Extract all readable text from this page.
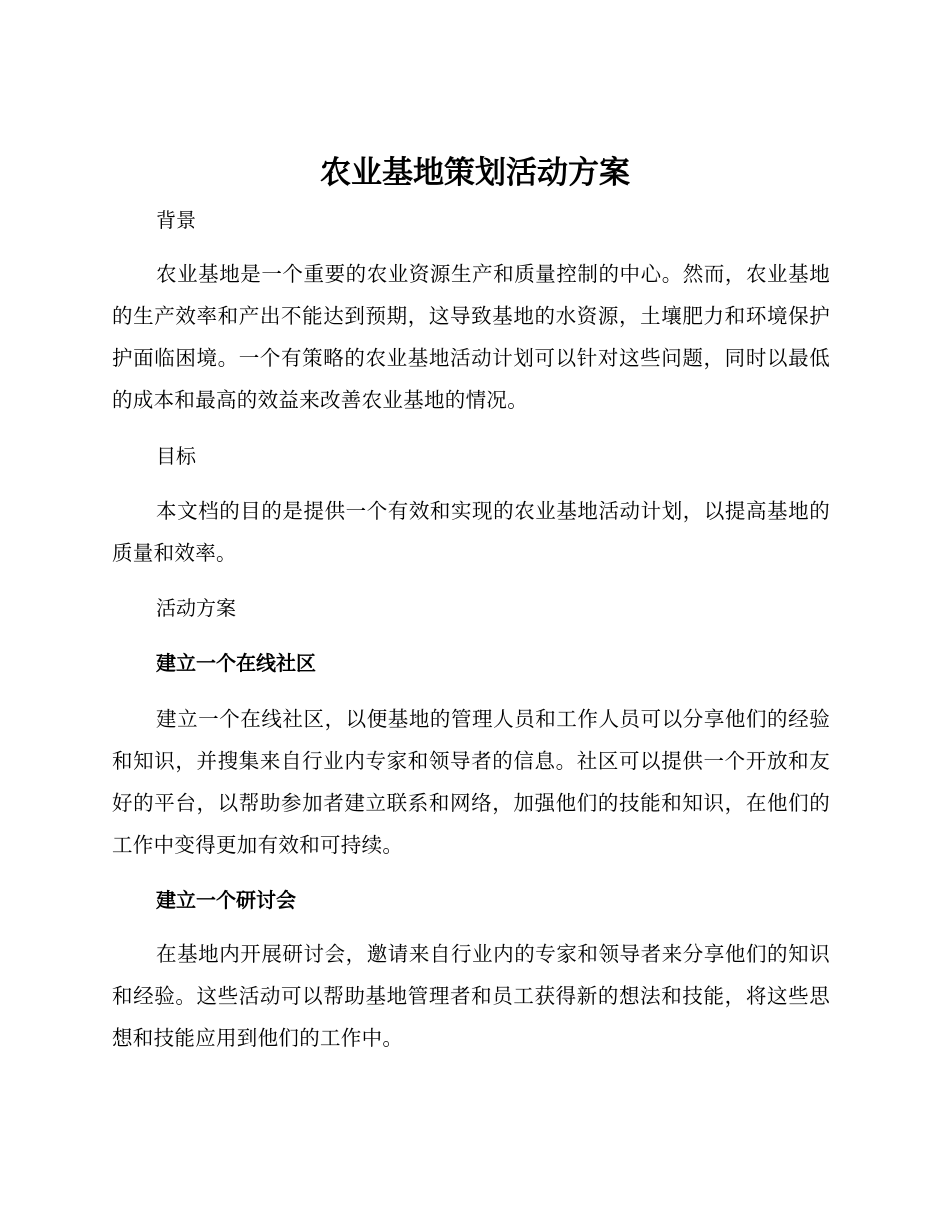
农业基地策划活动方案
背景

农业基地是一个重要的农业资源生产和质量控制的中心。然而，农业基地的生产效率和产出不能达到预期，这导致基地的水资源，土壤肥力和环境保护护面临困境。一个有策略的农业基地活动计划可以针对这些问题，同时以最低的成本和最高的效益来改善农业基地的情况。

目标

本文档的目的是提供一个有效和实现的农业基地活动计划，以提高基地的质量和效率。

活动方案
建立一个在线社区

建立一个在线社区，以便基地的管理人员和工作人员可以分享他们的经验和知识，并搜集来自行业内专家和领导者的信息。社区可以提供一个开放和友好的平台，以帮助参加者建立联系和网络，加强他们的技能和知识，在他们的工作中变得更加有效和可持续。

建立一个研讨会

在基地内开展研讨会，邀请来自行业内的专家和领导者来分享他们的知识和经验。这些活动可以帮助基地管理者和员工获得新的想法和技能，将这些思想和技能应用到他们的工作中。
